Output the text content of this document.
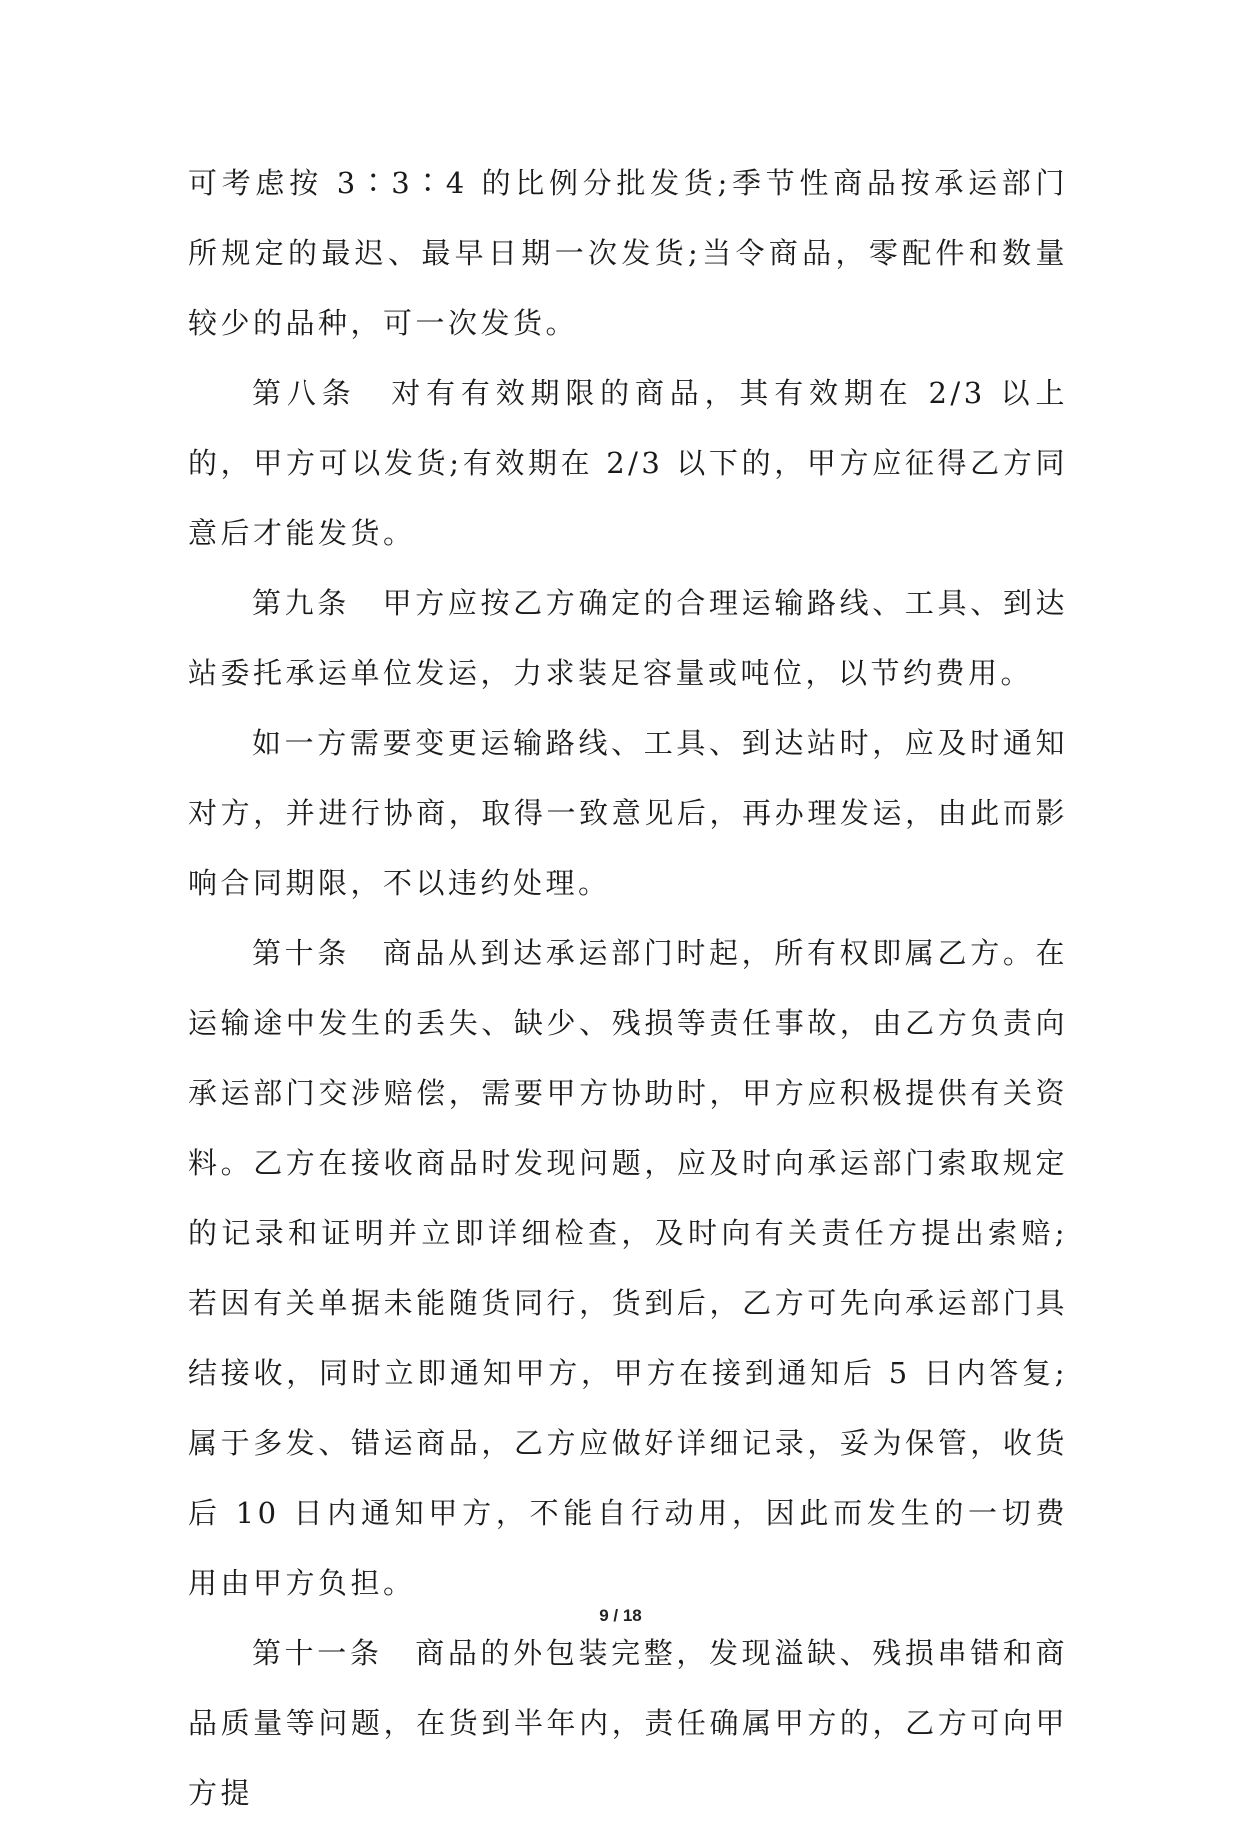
可考虑按 3∶3∶4 的比例分批发货;季节性商品按承运部门所规定的最迟、最早日期一次发货;当令商品，零配件和数量较少的品种，可一次发货。

第八条　对有有效期限的商品，其有效期在 2/3 以上的，甲方可以发货;有效期在 2/3 以下的，甲方应征得乙方同意后才能发货。

第九条　甲方应按乙方确定的合理运输路线、工具、到达站委托承运单位发运，力求装足容量或吨位，以节约费用。

如一方需要变更运输路线、工具、到达站时，应及时通知对方，并进行协商，取得一致意见后，再办理发运，由此而影响合同期限，不以违约处理。

第十条　商品从到达承运部门时起，所有权即属乙方。在运输途中发生的丢失、缺少、残损等责任事故，由乙方负责向承运部门交涉赔偿，需要甲方协助时，甲方应积极提供有关资料。乙方在接收商品时发现问题，应及时向承运部门索取规定的记录和证明并立即详细检查，及时向有关责任方提出索赔;若因有关单据未能随货同行，货到后，乙方可先向承运部门具结接收，同时立即通知甲方，甲方在接到通知后 5 日内答复;属于多发、错运商品，乙方应做好详细记录，妥为保管，收货后 10 日内通知甲方，不能自行动用，因此而发生的一切费用由甲方负担。

第十一条　商品的外包装完整，发现溢缺、残损串错和商品质量等问题，在货到半年内，责任确属甲方的，乙方可向甲方提

9 / 18
